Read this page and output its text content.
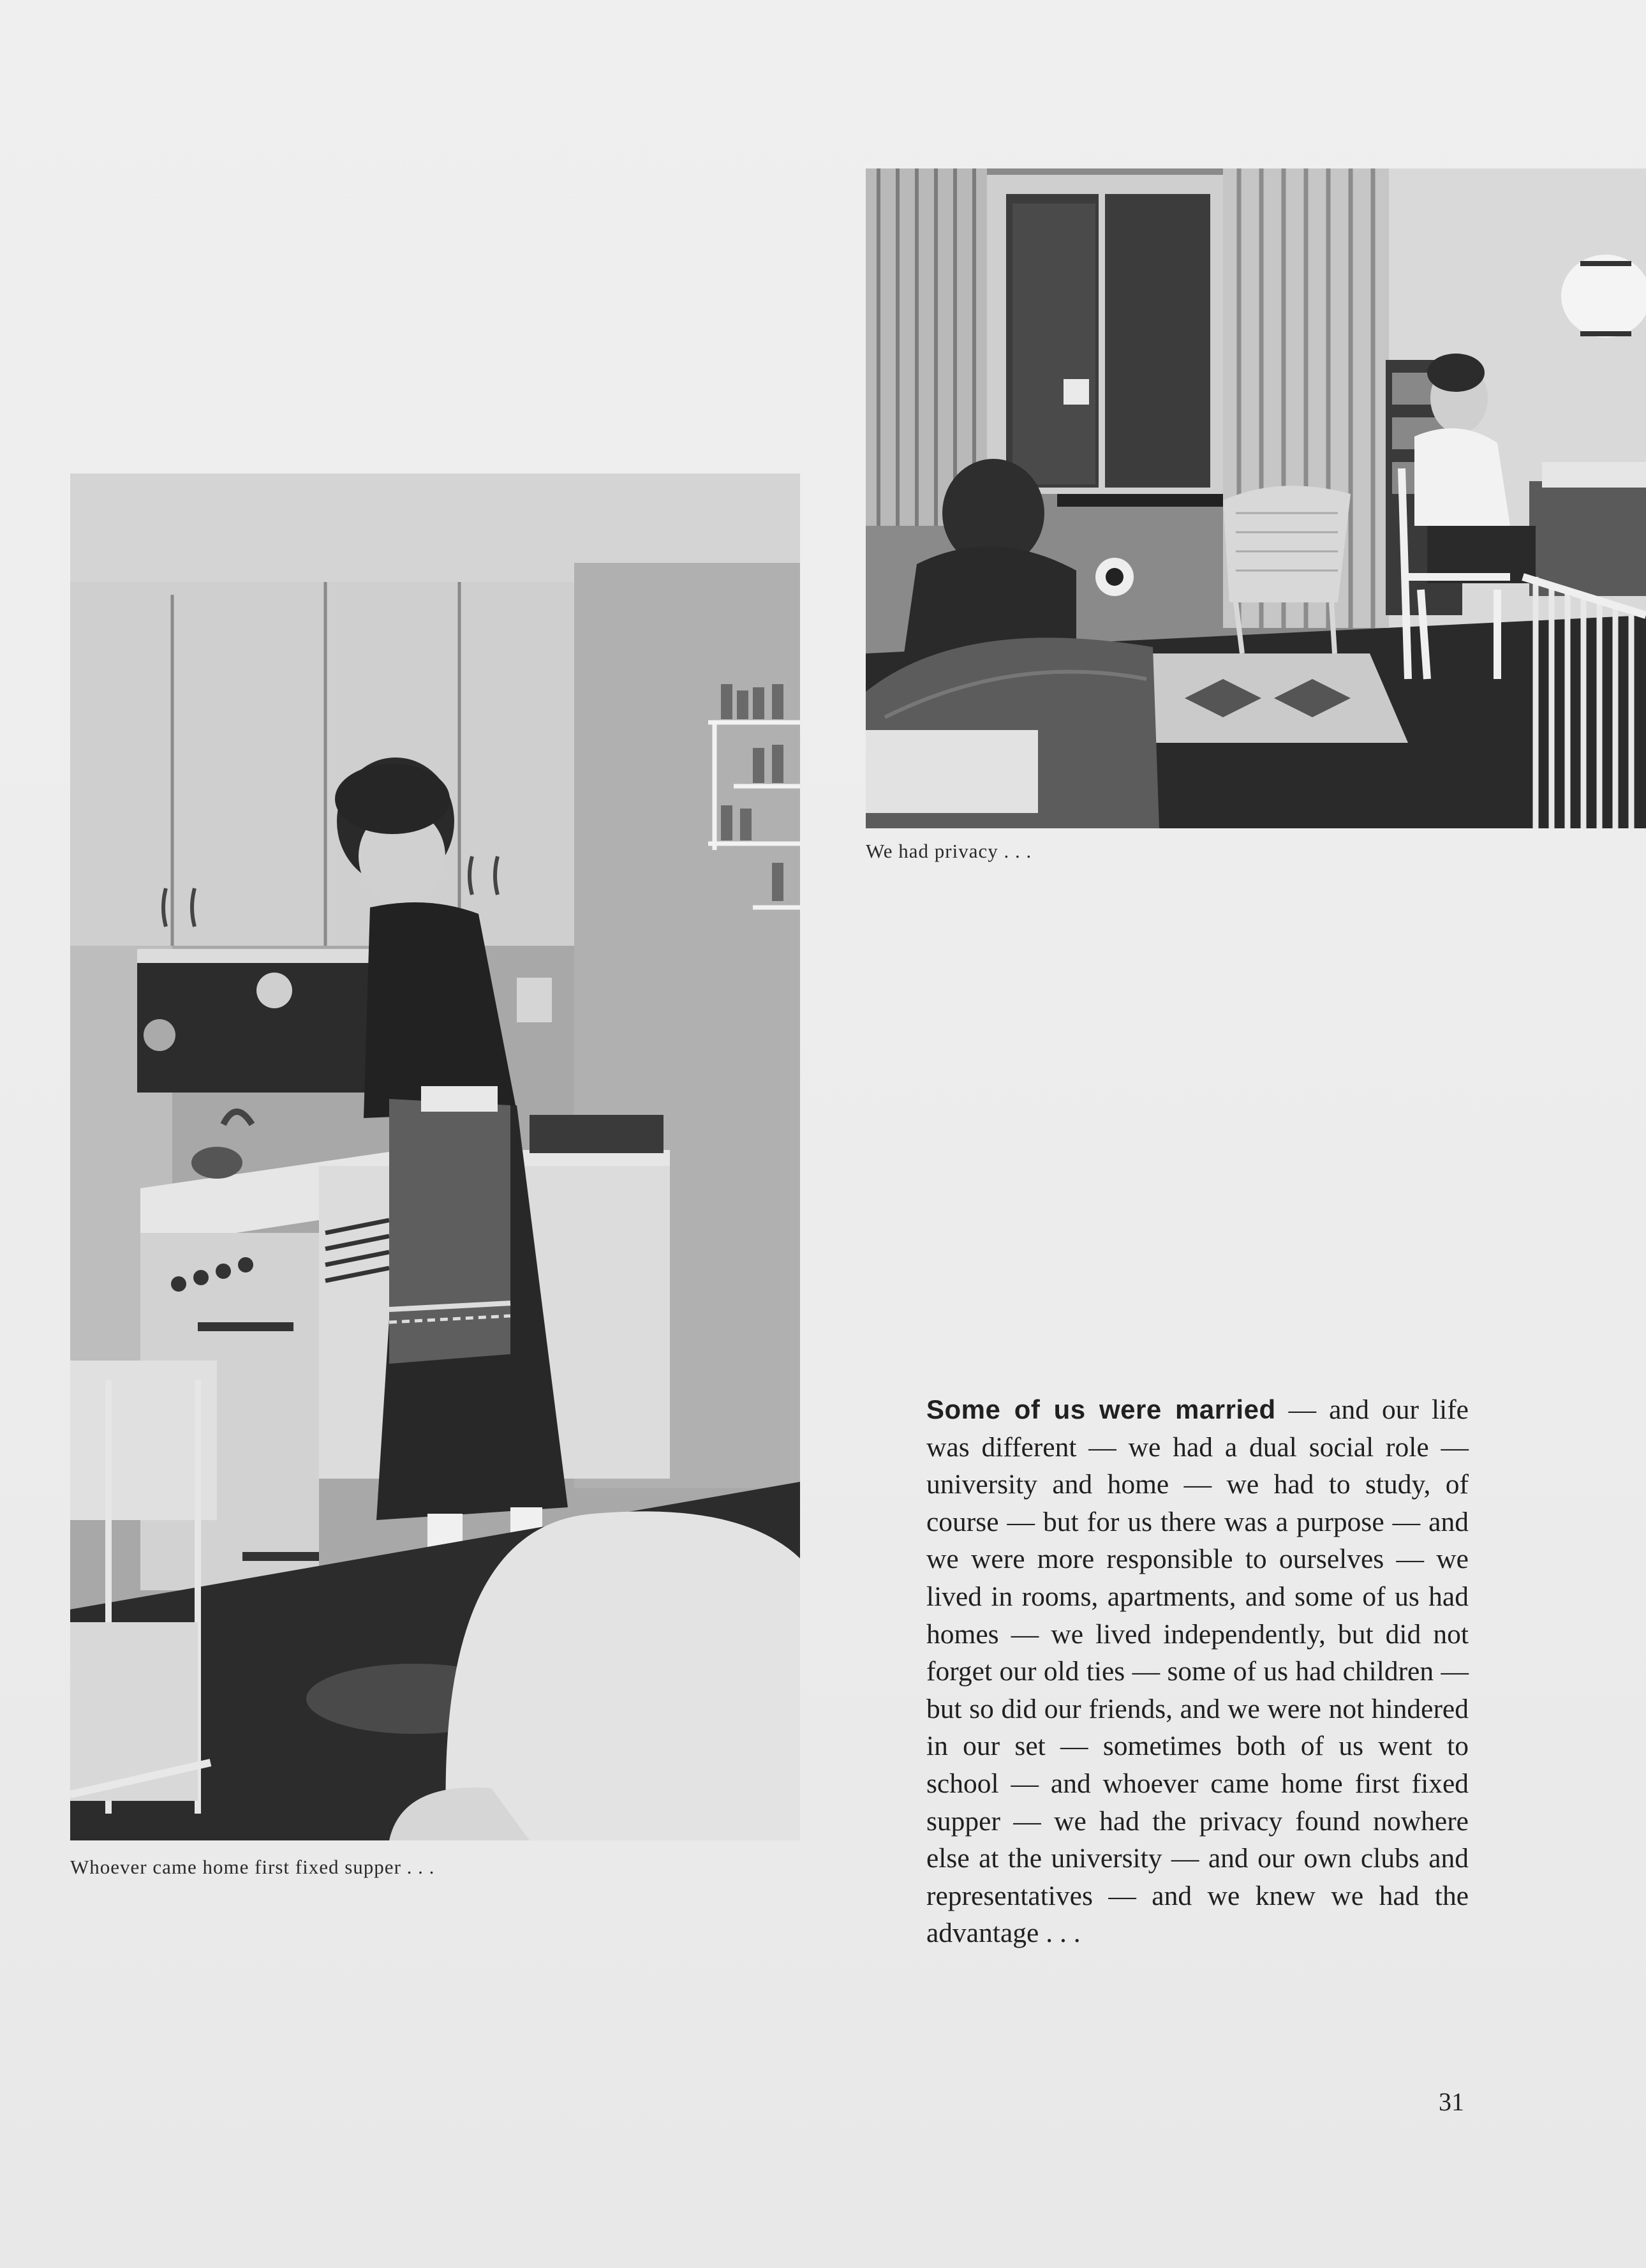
We had privacy . . .
Whoever came home first fixed supper . . .
Some of us were married — and our life was different — we had a dual social role — university and home — we had to study, of course — but for us there was a purpose — and we were more responsible to ourselves — we lived in rooms, apartments, and some of us had homes — we lived independently, but did not forget our old ties — some of us had children — but so did our friends, and we were not hindered in our set — sometimes both of us went to school — and whoever came home first fixed supper — we had the privacy found nowhere else at the university — and our own clubs and representatives — and we knew we had the advantage . . .
31
